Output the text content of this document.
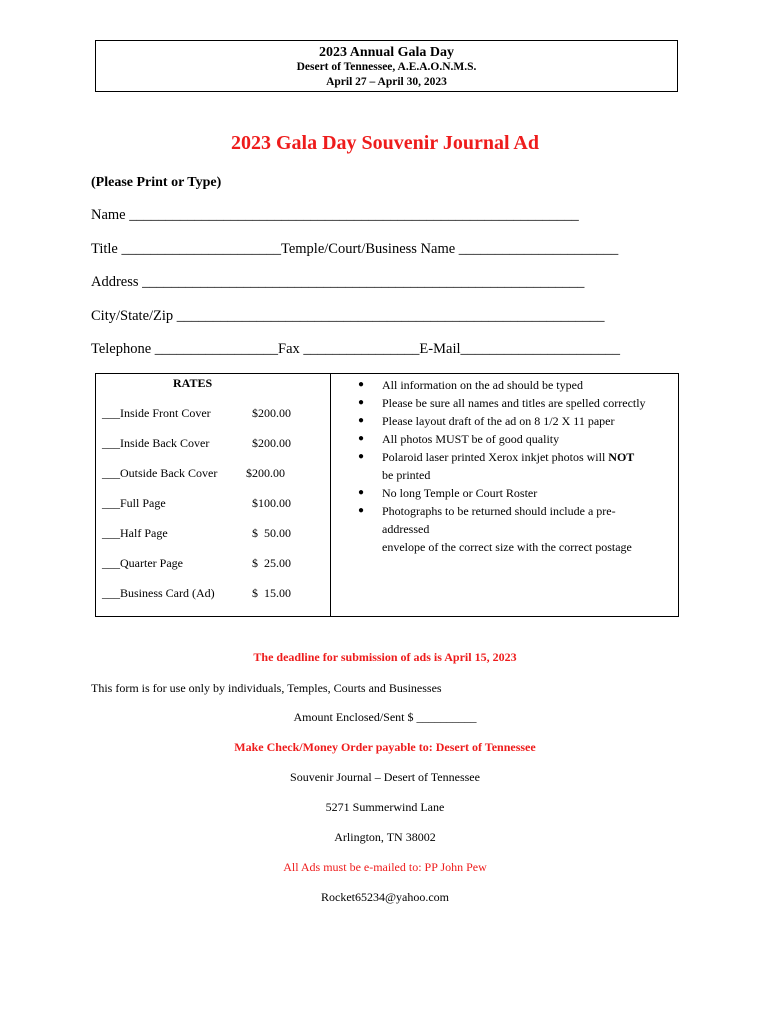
2023 Annual Gala Day
Desert of Tennessee, A.E.A.O.N.M.S.
April 27 – April 30, 2023
2023 Gala Day Souvenir Journal Ad
(Please Print or Type)
Name ______________________________________________________________
Title ______________________Temple/Court/Business Name ______________________
Address _____________________________________________________________
City/State/Zip ___________________________________________________________
Telephone _________________Fax ________________E-Mail______________________
RATES
___Inside Front Cover	$200.00
___Inside Back Cover	$200.00
___Outside Back Cover $200.00
___Full Page	$100.00
___Half Page	$  50.00
___Quarter Page	$  25.00
___Business Card (Ad)	$  15.00
● All information on the ad should be typed
● Please be sure all names and titles are spelled correctly
● Please layout draft of the ad on 8 1/2 X 11 paper
● All photos MUST be of good quality
● Polaroid laser printed Xerox inkjet photos will NOT
be printed
● No long Temple or Court Roster
● Photographs to be returned should include a pre-
addressed
envelope of the correct size with the correct postage
The deadline for submission of ads is April 15, 2023
This form is for use only by individuals, Temples, Courts and Businesses
Amount Enclosed/Sent $ __________
Make Check/Money Order payable to: Desert of Tennessee
Souvenir Journal – Desert of Tennessee
5271 Summerwind Lane
Arlington, TN 38002
All Ads must be e-mailed to: PP John Pew
Rocket65234@yahoo.com
